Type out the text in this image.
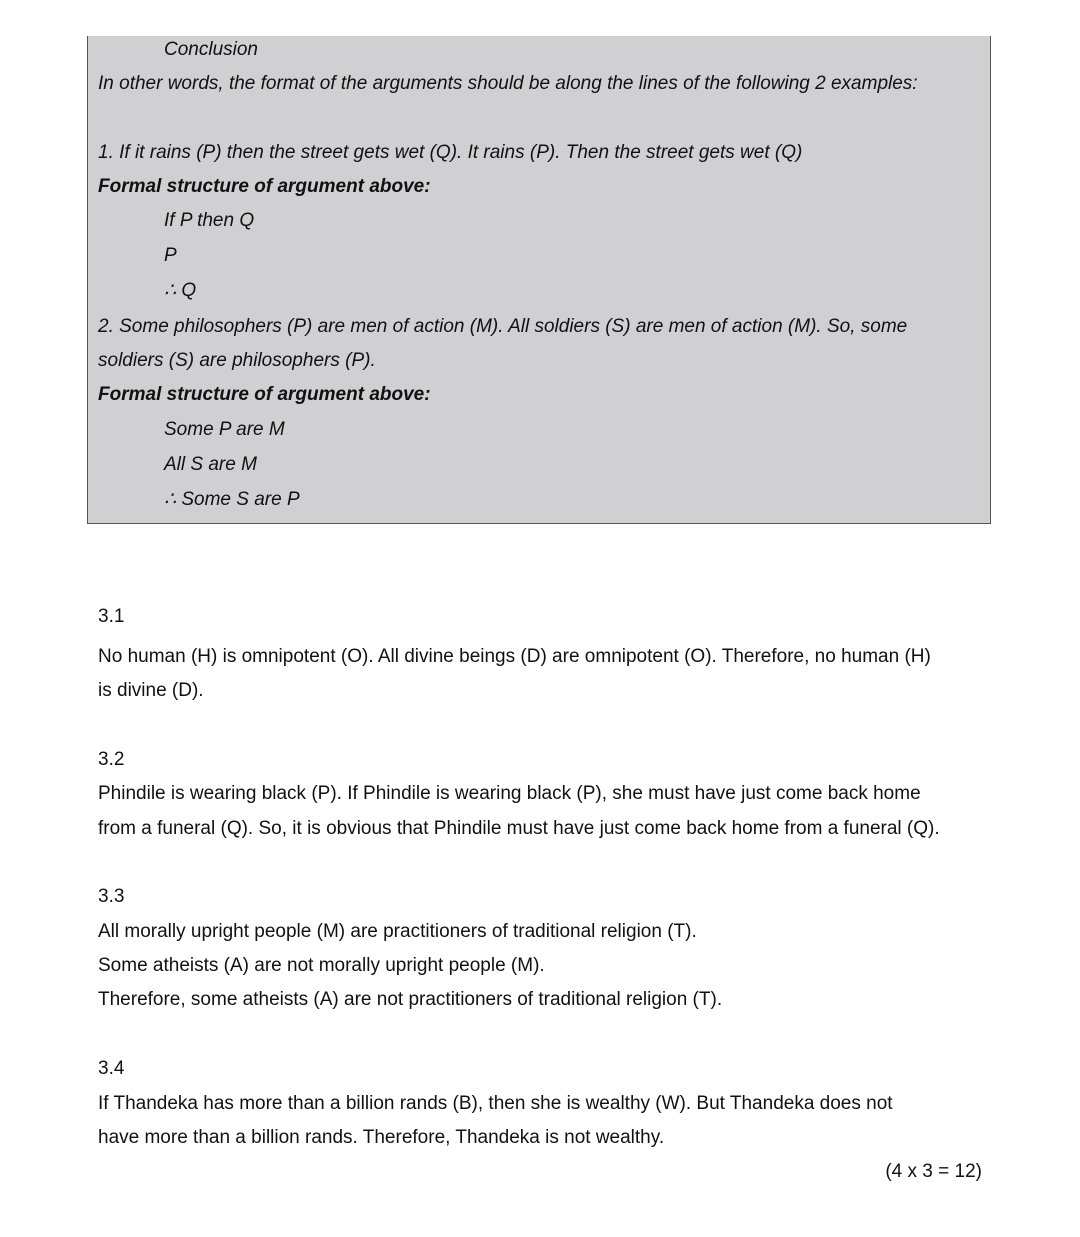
Conclusion
In other words, the format of the arguments should be along the lines of the following 2 examples:
1. If it rains (P) then the street gets wet (Q). It rains (P). Then the street gets wet (Q)
Formal structure of argument above:
If P then Q
P
∴ Q
2. Some philosophers (P) are men of action (M). All soldiers (S) are men of action (M). So, some
soldiers (S) are philosophers (P).
Formal structure of argument above:
Some P are M
All S are M
∴ Some S are P
3.1
No human (H) is omnipotent (O). All divine beings (D) are omnipotent (O). Therefore, no human (H)
is divine (D).
3.2
Phindile is wearing black (P). If Phindile is wearing black (P), she must have just come back home
from a funeral (Q). So, it is obvious that Phindile must have just come back home from a funeral (Q).
3.3
All morally upright people (M) are practitioners of traditional religion (T).
Some atheists (A) are not morally upright people (M).
Therefore, some atheists (A) are not practitioners of traditional religion (T).
3.4
If Thandeka has more than a billion rands (B), then she is wealthy (W). But Thandeka does not
have more than a billion rands. Therefore, Thandeka is not wealthy.
(4 x 3 = 12)
